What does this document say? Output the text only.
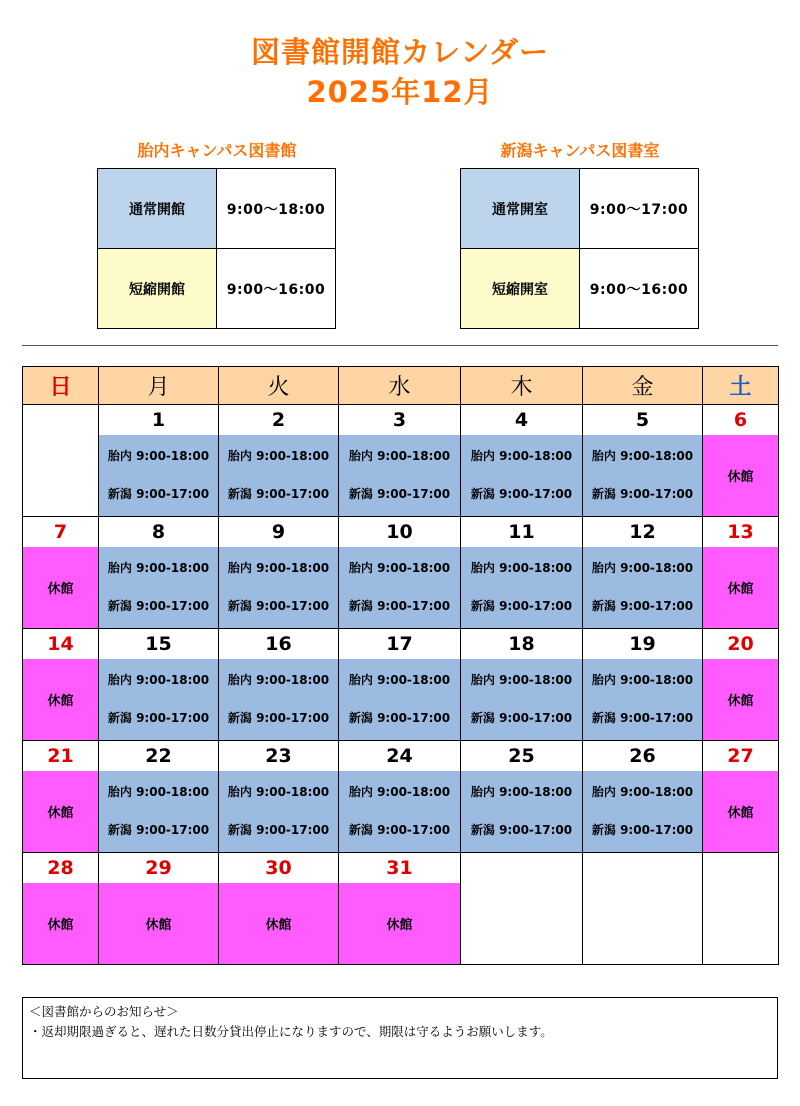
図書館開館カレンダー
2025年12月
胎内キャンパス図書館
通常開館	9:00〜18:00
短縮開館	9:00〜16:00
新潟キャンパス図書室
通常開室	9:00〜17:00
短縮開室	9:00〜16:00
日	月	火	水	木	金	土
	1	2	3	4	5	6

	胎内 9:00-18:00
新潟 9:00-17:00	胎内 9:00-18:00
新潟 9:00-17:00	胎内 9:00-18:00
新潟 9:00-17:00	胎内 9:00-18:00
新潟 9:00-17:00	胎内 9:00-18:00
新潟 9:00-17:00	休館
7	8	9	10	11	12	13
休館	胎内 9:00-18:00
新潟 9:00-17:00	胎内 9:00-18:00
新潟 9:00-17:00	胎内 9:00-18:00
新潟 9:00-17:00	胎内 9:00-18:00
新潟 9:00-17:00	胎内 9:00-18:00
新潟 9:00-17:00	休館
14	15	16	17	18	19	20
休館	胎内 9:00-18:00
新潟 9:00-17:00	胎内 9:00-18:00
新潟 9:00-17:00	胎内 9:00-18:00
新潟 9:00-17:00	胎内 9:00-18:00
新潟 9:00-17:00	胎内 9:00-18:00
新潟 9:00-17:00	休館
21	22	23	24	25	26	27
休館	胎内 9:00-18:00
新潟 9:00-17:00	胎内 9:00-18:00
新潟 9:00-17:00	胎内 9:00-18:00
新潟 9:00-17:00	胎内 9:00-18:00
新潟 9:00-17:00	胎内 9:00-18:00
新潟 9:00-17:00	休館
28	29	30	31			
休館	休館	休館	休館			
＜図書館からのお知らせ＞
・返却期限過ぎると、遅れた日数分貸出停止になりますので、期限は守るようお願いします。
